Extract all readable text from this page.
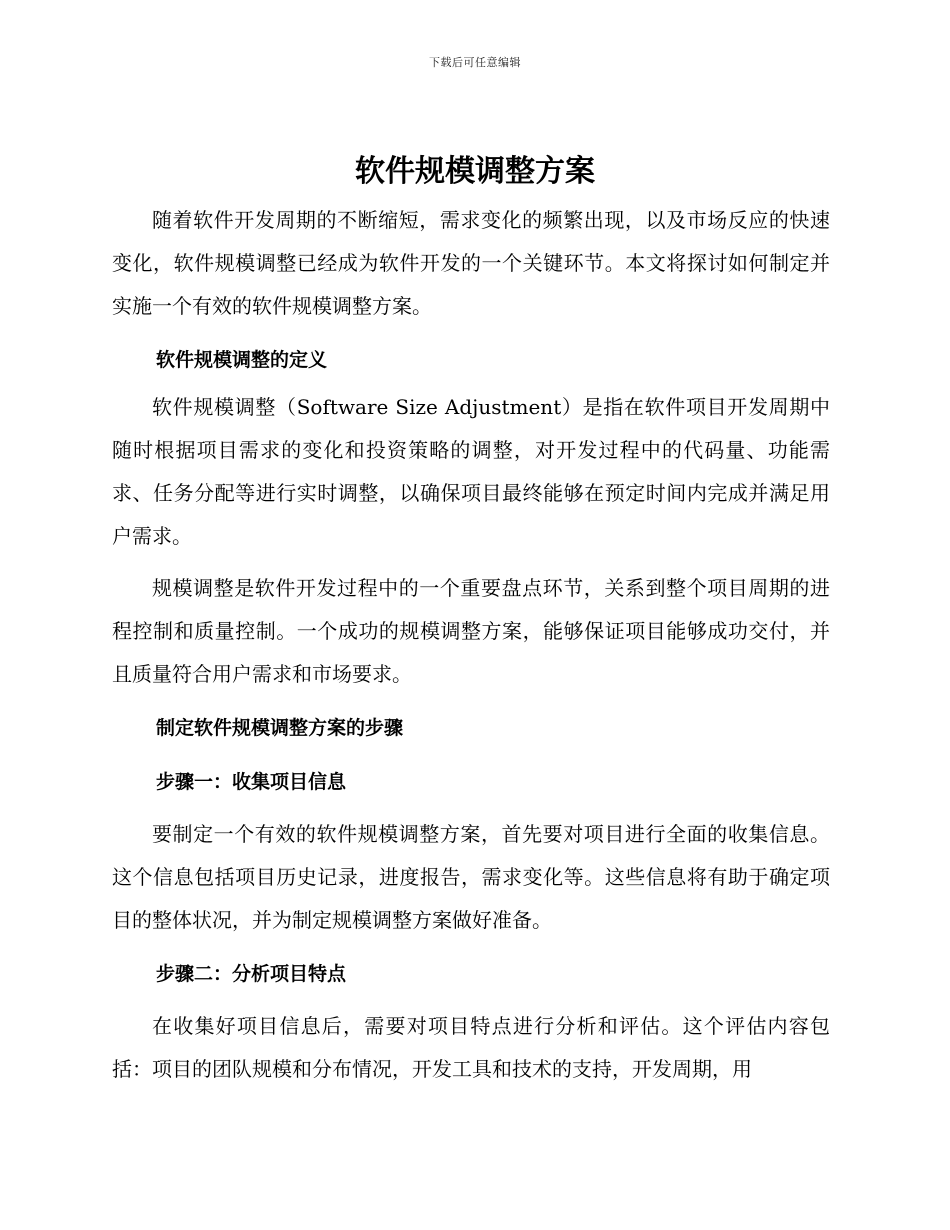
下载后可任意编辑
软件规模调整方案

随着软件开发周期的不断缩短，需求变化的频繁出现，以及市场反应的快速变化，软件规模调整已经成为软件开发的一个关键环节。本文将探讨如何制定并实施一个有效的软件规模调整方案。

软件规模调整的定义

软件规模调整（Software Size Adjustment）是指在软件项目开发周期中随时根据项目需求的变化和投资策略的调整，对开发过程中的代码量、功能需求、任务分配等进行实时调整，以确保项目最终能够在预定时间内完成并满足用户需求。

规模调整是软件开发过程中的一个重要盘点环节，关系到整个项目周期的进程控制和质量控制。一个成功的规模调整方案，能够保证项目能够成功交付，并且质量符合用户需求和市场要求。

制定软件规模调整方案的步骤
步骤一：收集项目信息

要制定一个有效的软件规模调整方案，首先要对项目进行全面的收集信息。这个信息包括项目历史记录，进度报告，需求变化等。这些信息将有助于确定项目的整体状况，并为制定规模调整方案做好准备。

步骤二：分析项目特点

在收集好项目信息后，需要对项目特点进行分析和评估。这个评估内容包括：项目的团队规模和分布情况，开发工具和技术的支持，开发周期，用
